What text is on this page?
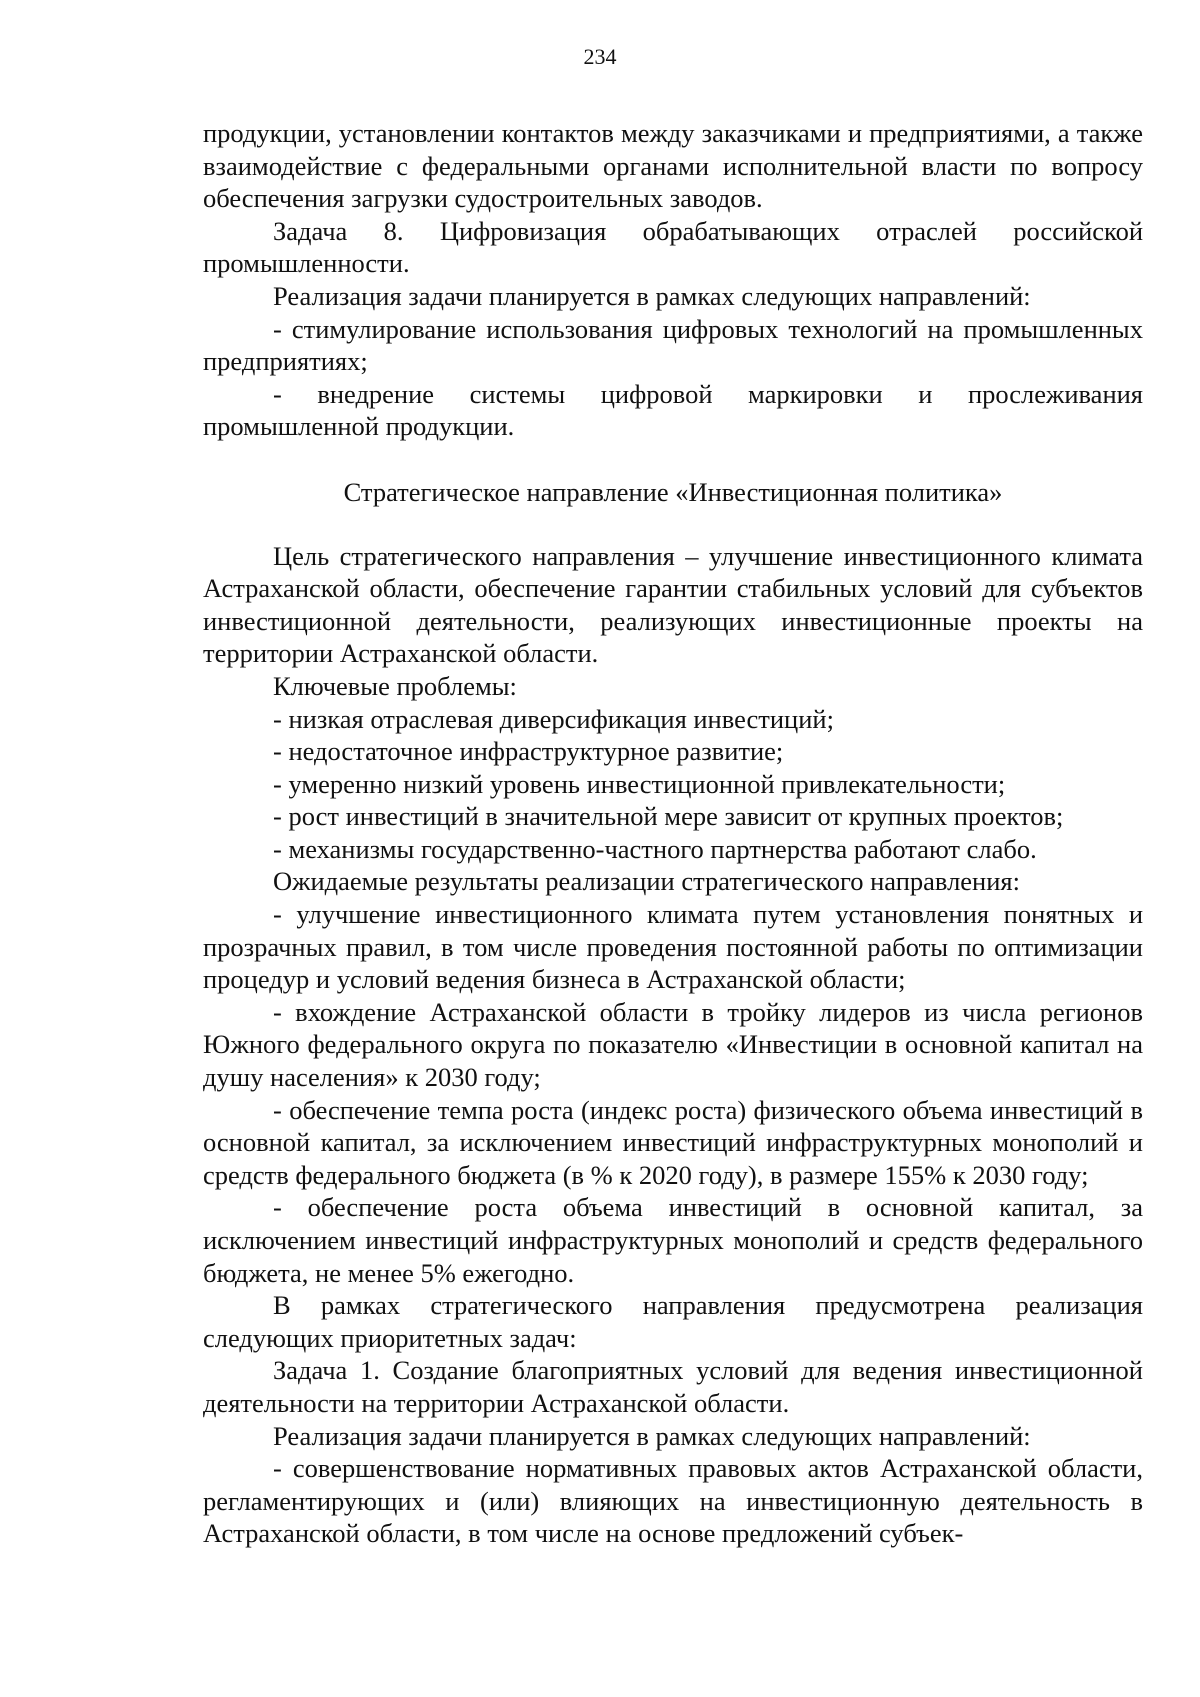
234

продукции, установлении контактов между заказчиками и предприятиями, а также взаимодействие с федеральными органами исполнительной власти по вопросу обеспечения загрузки судостроительных заводов.

Задача 8. Цифровизация обрабатывающих отраслей российской промышленности.

Реализация задачи планируется в рамках следующих направлений:

- стимулирование использования цифровых технологий на промышленных предприятиях;

- внедрение системы цифровой маркировки и прослеживания промышленной продукции.

Стратегическое направление «Инвестиционная политика»

Цель стратегического направления – улучшение инвестиционного климата Астраханской области, обеспечение гарантии стабильных условий для субъектов инвестиционной деятельности, реализующих инвестиционные проекты на территории Астраханской области.

Ключевые проблемы:

- низкая отраслевая диверсификация инвестиций;

- недостаточное инфраструктурное развитие;

- умеренно низкий уровень инвестиционной привлекательности;

- рост инвестиций в значительной мере зависит от крупных проектов;

- механизмы государственно-частного партнерства работают слабо.

Ожидаемые результаты реализации стратегического направления:

- улучшение инвестиционного климата путем установления понятных и прозрачных правил, в том числе проведения постоянной работы по оптимизации процедур и условий ведения бизнеса в Астраханской области;

- вхождение Астраханской области в тройку лидеров из числа регионов Южного федерального округа по показателю «Инвестиции в основной капитал на душу населения» к 2030 году;

- обеспечение темпа роста (индекс роста) физического объема инвестиций в основной капитал, за исключением инвестиций инфраструктурных монополий и средств федерального бюджета (в % к 2020 году), в размере 155% к 2030 году;

- обеспечение роста объема инвестиций в основной капитал, за исключением инвестиций инфраструктурных монополий и средств федерального бюджета, не менее 5% ежегодно.

В рамках стратегического направления предусмотрена реализация следующих приоритетных задач:

Задача 1. Создание благоприятных условий для ведения инвестиционной деятельности на территории Астраханской области.

Реализация задачи планируется в рамках следующих направлений:

- совершенствование нормативных правовых актов Астраханской области, регламентирующих и (или) влияющих на инвестиционную деятельность в Астраханской области, в том числе на основе предложений субъек-
